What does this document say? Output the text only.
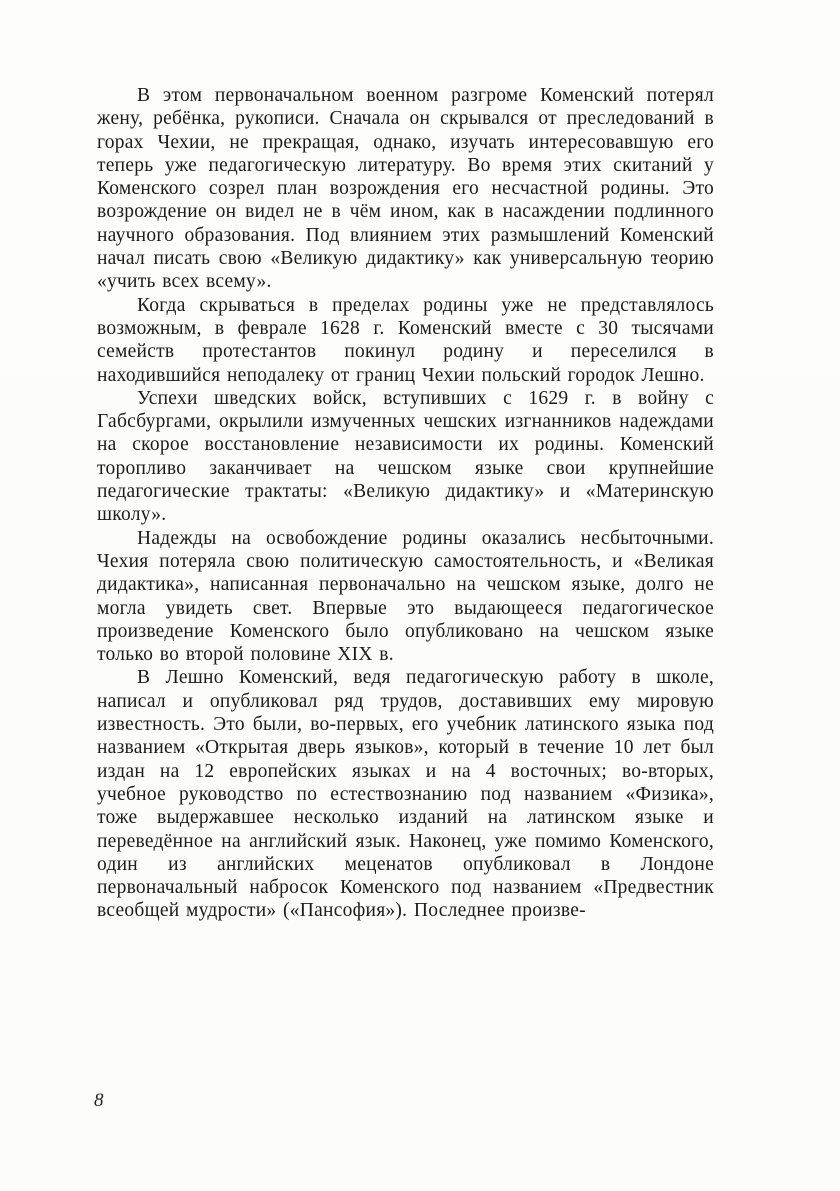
В этом первоначальном военном разгроме Коменский потерял жену, ребёнка, рукописи. Сначала он скрывался от преследований в горах Чехии, не прекращая, однако, изучать интересовавшую его теперь уже педагогическую литературу. Во время этих скитаний у Коменского созрел план возрождения его несчастной родины. Это возрождение он видел не в чём ином, как в насаждении подлинного научного образования. Под влиянием этих размышлений Коменский начал писать свою «Великую дидактику» как универсальную теорию «учить всех всему».

Когда скрываться в пределах родины уже не представлялось возможным, в феврале 1628 г. Коменский вместе с 30 тысячами семейств протестантов покинул родину и переселился в находившийся неподалеку от границ Чехии польский городок Лешно.

Успехи шведских войск, вступивших с 1629 г. в войну с Габсбургами, окрылили измученных чешских изгнанников надеждами на скорое восстановление независимости их родины. Коменский торопливо заканчивает на чешском языке свои крупнейшие педагогические трактаты: «Великую дидактику» и «Материнскую школу».

Надежды на освобождение родины оказались несбыточными. Чехия потеряла свою политическую самостоятельность, и «Великая дидактика», написанная первоначально на чешском языке, долго не могла увидеть свет. Впервые это выдающееся педагогическое произведение Коменского было опубликовано на чешском языке только во второй половине XIX в.

В Лешно Коменский, ведя педагогическую работу в школе, написал и опубликовал ряд трудов, доставивших ему мировую известность. Это были, во-первых, его учебник латинского языка под названием «Открытая дверь языков», который в течение 10 лет был издан на 12 европейских языках и на 4 восточных; во-вторых, учебное руководство по естествознанию под названием «Физика», тоже выдержавшее несколько изданий на латинском языке и переведённое на английский язык. Наконец, уже помимо Коменского, один из английских меценатов опубликовал в Лондоне первоначальный набросок Коменского под названием «Предвестник всеобщей мудрости» («Пансофия»). Последнее произве-

8
